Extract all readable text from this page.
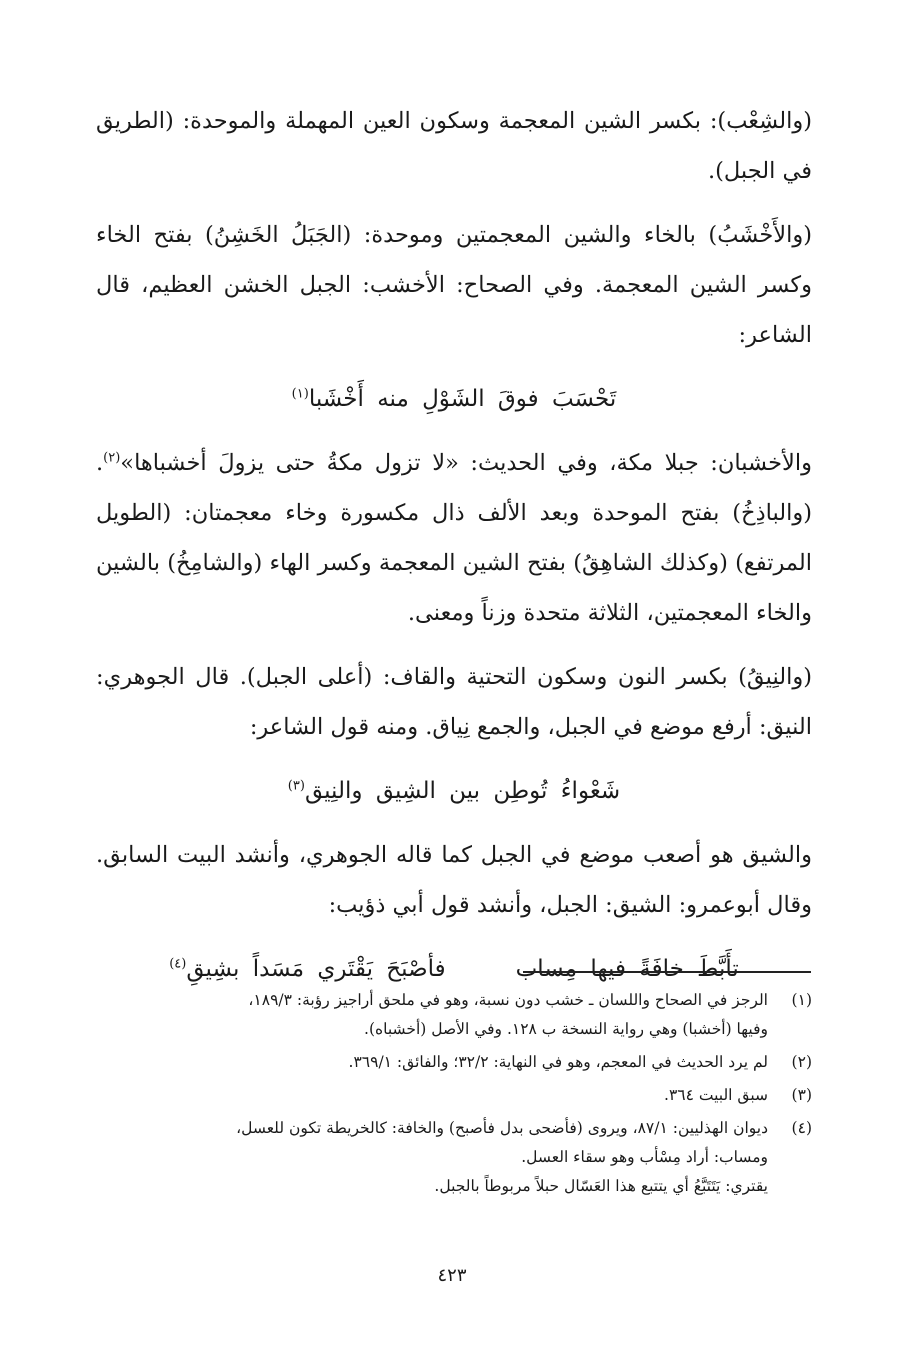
(والشِعْب): بكسر الشين المعجمة وسكون العين المهملة والموحدة: (الطريق في الجبل).

(والأَخْشَبُ) بالخاء والشين المعجمتين وموحدة: (الجَبَلُ الخَشِنُ) بفتح الخاء وكسر الشين المعجمة. وفي الصحاح: الأخشب: الجبل الخشن العظيم، قال الشاعر:

تَحْسَبَ فوقَ الشَوْلِ منه أَخْشَبا$^{(١)}$

والأخشبان: جبلا مكة، وفي الحديث: «لا تزول مكةُ حتى يزولَ أخشباها»$^{(٢)}$. (والباذِخُ) بفتح الموحدة وبعد الألف ذال مكسورة وخاء معجمتان: (الطويل المرتفع) (وكذلك الشاهِقُ) بفتح الشين المعجمة وكسر الهاء (والشامِخُ) بالشين والخاء المعجمتين، الثلاثة متحدة وزناً ومعنى.

(والنِيقُ) بكسر النون وسكون التحتية والقاف: (أعلى الجبل). قال الجوهري: النيق: أرفع موضع في الجبل، والجمع نِياق. ومنه قول الشاعر:

شَعْواءُ تُوطِن بين الشِيق والنِيق$^{(٣)}$

والشيق هو أصعب موضع في الجبل كما قاله الجوهري، وأنشد البيت السابق. وقال أبوعمرو: الشيق: الجبل، وأنشد قول أبي ذؤيب:

تأَبَّطَ خافَةً فيها مِساب
فأصْبَحَ يَقْتَري مَسَداً بشِيقِ$^{(٤)}$

(١)
الرجز في الصحاح واللسان ـ خشب دون نسبة، وهو في ملحق أراجيز رؤبة: ١٨٩/٣،
وفيها (أخشبا) وهي رواية النسخة ب ١٢٨. وفي الأصل (أخشباه).
(٢)
لم يرد الحديث في المعجم، وهو في النهاية: ٣٢/٢؛ والفائق: ٣٦٩/١.
(٣)
سبق البيت ٣٦٤.
(٤)
ديوان الهذليين: ٨٧/١، ويروى (فأضحى بدل فأصبح) والخافة: كالخريطة تكون للعسل،
ومساب: أراد مِسْأب وهو سقاء العسل.
يقتري: يَتَتَبَّعُ أي يتتبع هذا العَسّال حبلاً مربوطاً بالجبل.
٤٢٣
